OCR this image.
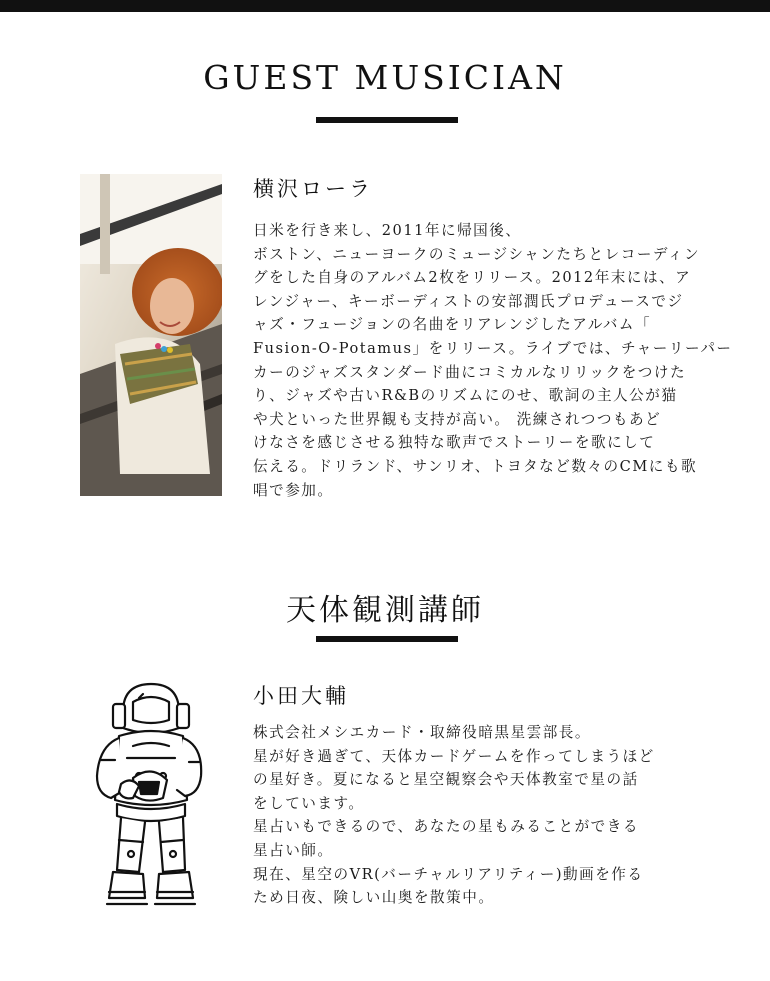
GUEST MUSICIAN
横沢ローラ
日米を行き来し、2011年に帰国後、
ボストン、ニューヨークのミュージシャンたちとレコーディン
グをした自身のアルバム2枚をリリース。2012年末には、ア
レンジャー、キーボーディストの安部潤氏プロデュースでジ
ャズ・フュージョンの名曲をリアレンジしたアルバム「
Fusion-O-Potamus」をリリース。ライブでは、チャーリーパー
カーのジャズスタンダード曲にコミカルなリリックをつけた
り、ジャズや古いR&Bのリズムにのせ、歌詞の主人公が猫
や犬といった世界観も支持が高い。 洗練されつつもあど
けなさを感じさせる独特な歌声でストーリーを歌にして
伝える。ドリランド、サンリオ、トヨタなど数々のCMにも歌
唱で参加。
天体観測講師
小田大輔
株式会社メシエカード・取締役暗黒星雲部長。
星が好き過ぎて、天体カードゲームを作ってしまうほど
の星好き。夏になると星空観察会や天体教室で星の話
をしています。
星占いもできるので、あなたの星もみることができる
星占い師。
現在、星空のVR(バーチャルリアリティー)動画を作る
ため日夜、険しい山奥を散策中。
